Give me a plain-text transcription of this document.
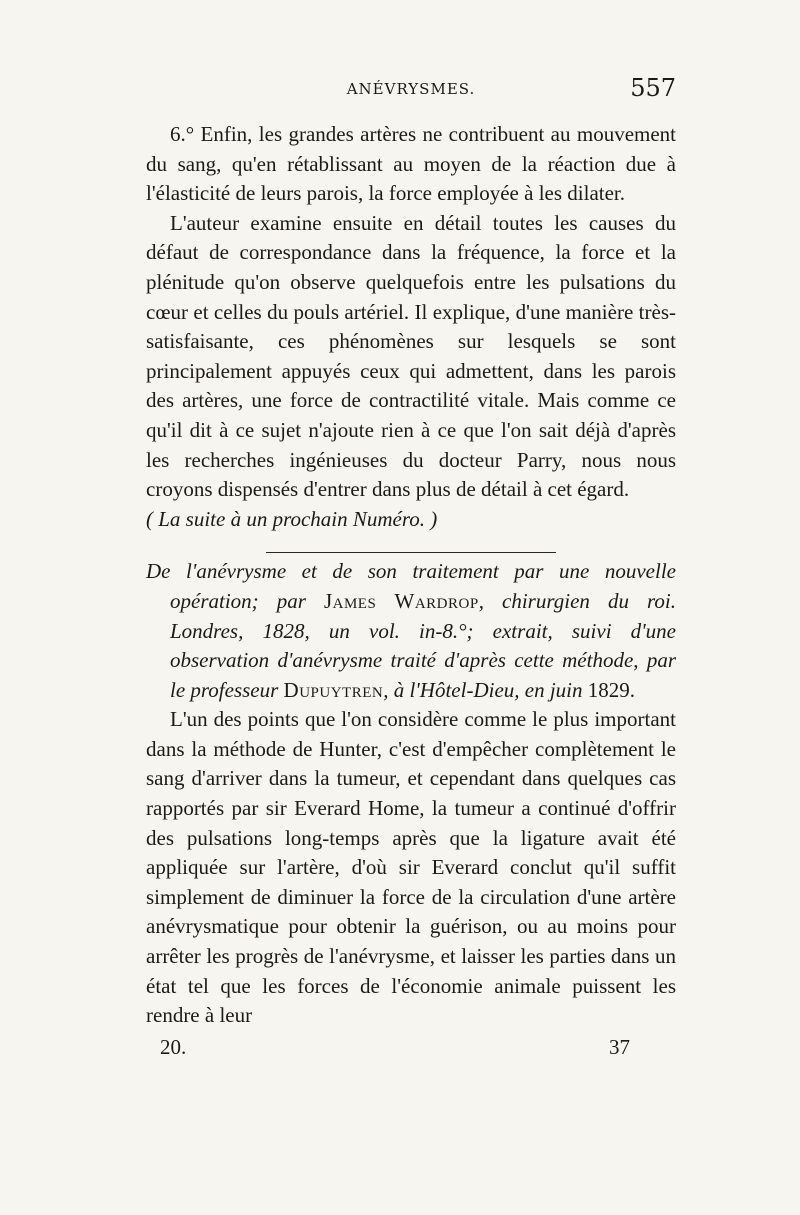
ANÉVRYSMES.	557

6.° Enfin, les grandes artères ne contribuent au mouvement du sang, qu'en rétablissant au moyen de la réaction due à l'élasticité de leurs parois, la force employée à les dilater.

L'auteur examine ensuite en détail toutes les causes du défaut de correspondance dans la fréquence, la force et la plénitude qu'on observe quelquefois entre les pulsations du cœur et celles du pouls artériel. Il explique, d'une manière très-satisfaisante, ces phénomènes sur lesquels se sont principalement appuyés ceux qui admettent, dans les parois des artères, une force de contractilité vitale. Mais comme ce qu'il dit à ce sujet n'ajoute rien à ce que l'on sait déjà d'après les recherches ingénieuses du docteur Parry, nous nous croyons dispensés d'entrer dans plus de détail à cet égard.

( La suite à un prochain Numéro. )

De l'anévrysme et de son traitement par une nouvelle opération; par James Wardrop, chirurgien du roi. Londres, 1828, un vol. in-8.°; extrait, suivi d'une observation d'anévrysme traité d'après cette méthode, par le professeur Dupuytren, à l'Hôtel-Dieu, en juin 1829.

L'un des points que l'on considère comme le plus important dans la méthode de Hunter, c'est d'empêcher complètement le sang d'arriver dans la tumeur, et cependant dans quelques cas rapportés par sir Everard Home, la tumeur a continué d'offrir des pulsations long-temps après que la ligature avait été appliquée sur l'artère, d'où sir Everard conclut qu'il suffit simplement de diminuer la force de la circulation d'une artère anévrysmatique pour obtenir la guérison, ou au moins pour arrêter les progrès de l'anévrysme, et laisser les parties dans un état tel que les forces de l'économie animale puissent les rendre à leur

20.	37
